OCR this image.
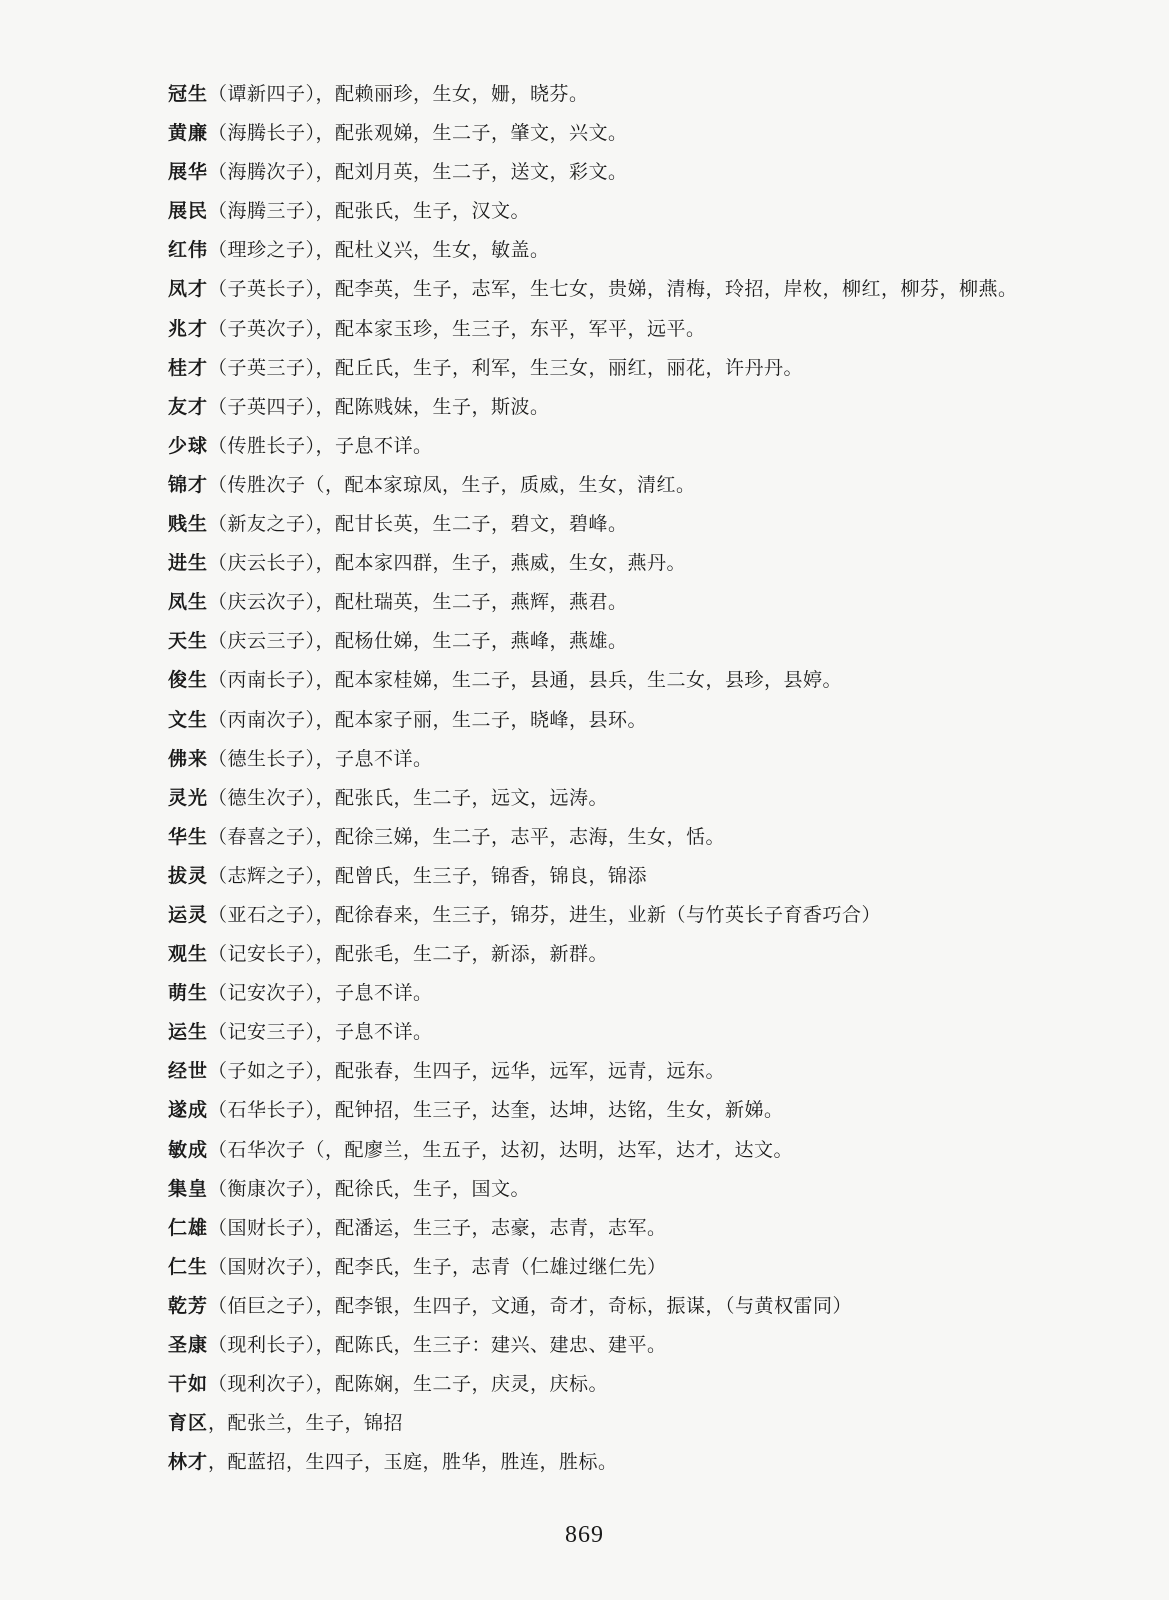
冠生（谭新四子），配赖丽珍，生女，姗，晓芬。
黄廉（海腾长子），配张观娣，生二子，肇文，兴文。
展华（海腾次子），配刘月英，生二子，送文，彩文。
展民（海腾三子），配张氏，生子，汉文。
红伟（理珍之子），配杜义兴，生女，敏盖。
凤才（子英长子），配李英，生子，志军，生七女，贵娣，清梅，玲招，岸枚，柳红，柳芬，柳燕。
兆才（子英次子），配本家玉珍，生三子，东平，军平，远平。
桂才（子英三子），配丘氏，生子，利军，生三女，丽红，丽花，许丹丹。
友才（子英四子），配陈贱妹，生子，斯波。
少球（传胜长子），子息不详。
锦才（传胜次子（，配本家琼凤，生子，质威，生女，清红。
贱生（新友之子），配甘长英，生二子，碧文，碧峰。
进生（庆云长子），配本家四群，生子，燕威，生女，燕丹。
凤生（庆云次子），配杜瑞英，生二子，燕辉，燕君。
天生（庆云三子），配杨仕娣，生二子，燕峰，燕雄。
俊生（丙南长子），配本家桂娣，生二子，县通，县兵，生二女，县珍，县婷。
文生（丙南次子），配本家子丽，生二子，晓峰，县环。
佛来（德生长子），子息不详。
灵光（德生次子），配张氏，生二子，远文，远涛。
华生（春喜之子），配徐三娣，生二子，志平，志海，生女，恬。
拔灵（志辉之子），配曾氏，生三子，锦香，锦良，锦添
运灵（亚石之子），配徐春来，生三子，锦芬，进生，业新（与竹英长子育香巧合）
观生（记安长子），配张毛，生二子，新添，新群。
萌生（记安次子），子息不详。
运生（记安三子），子息不详。
经世（子如之子），配张春，生四子，远华，远军，远青，远东。
遂成（石华长子），配钟招，生三子，达奎，达坤，达铭，生女，新娣。
敏成（石华次子（，配廖兰，生五子，达初，达明，达军，达才，达文。
集皇（衡康次子），配徐氏，生子，国文。
仁雄（国财长子），配潘运，生三子，志豪，志青，志军。
仁生（国财次子），配李氏，生子，志青（仁雄过继仁先）
乾芳（佰巨之子），配李银，生四子，文通，奇才，奇标，振谋，（与黄权雷同）
圣康（现利长子），配陈氏，生三子：建兴、建忠、建平。
干如（现利次子），配陈娴，生二子，庆灵，庆标。
育区，配张兰，生子，锦招
林才，配蓝招，生四子，玉庭，胜华，胜连，胜标。
869
